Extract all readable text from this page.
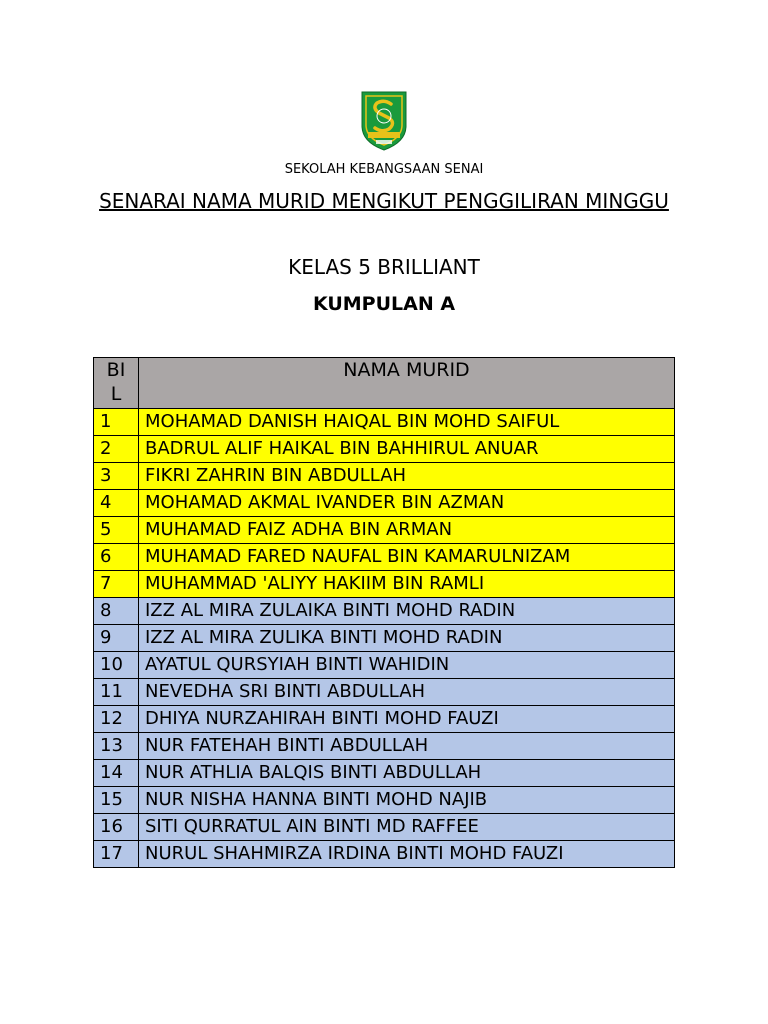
SEKOLAH KEBANGSAAN SENAI
SENARAI NAMA MURID MENGIKUT PENGGILIRAN MINGGU
KELAS 5 BRILLIANT
KUMPULAN A
BIL	NAMA MURID
1	MOHAMAD DANISH HAIQAL BIN MOHD SAIFUL
2	BADRUL ALIF HAIKAL BIN BAHHIRUL ANUAR
3	FIKRI ZAHRIN BIN ABDULLAH
4	MOHAMAD AKMAL IVANDER BIN AZMAN
5	MUHAMAD FAIZ ADHA BIN ARMAN
6	MUHAMAD FARED NAUFAL BIN KAMARULNIZAM
7	MUHAMMAD 'ALIYY HAKIIM BIN RAMLI
8	IZZ AL MIRA ZULAIKA BINTI MOHD RADIN
9	IZZ AL MIRA ZULIKA BINTI MOHD RADIN
10	AYATUL QURSYIAH BINTI WAHIDIN
11	NEVEDHA SRI BINTI ABDULLAH
12	DHIYA NURZAHIRAH BINTI MOHD FAUZI
13	NUR FATEHAH BINTI ABDULLAH
14	NUR ATHLIA BALQIS BINTI ABDULLAH
15	NUR NISHA HANNA BINTI MOHD NAJIB
16	SITI QURRATUL AIN BINTI MD RAFFEE
17	NURUL SHAHMIRZA IRDINA BINTI MOHD FAUZI
